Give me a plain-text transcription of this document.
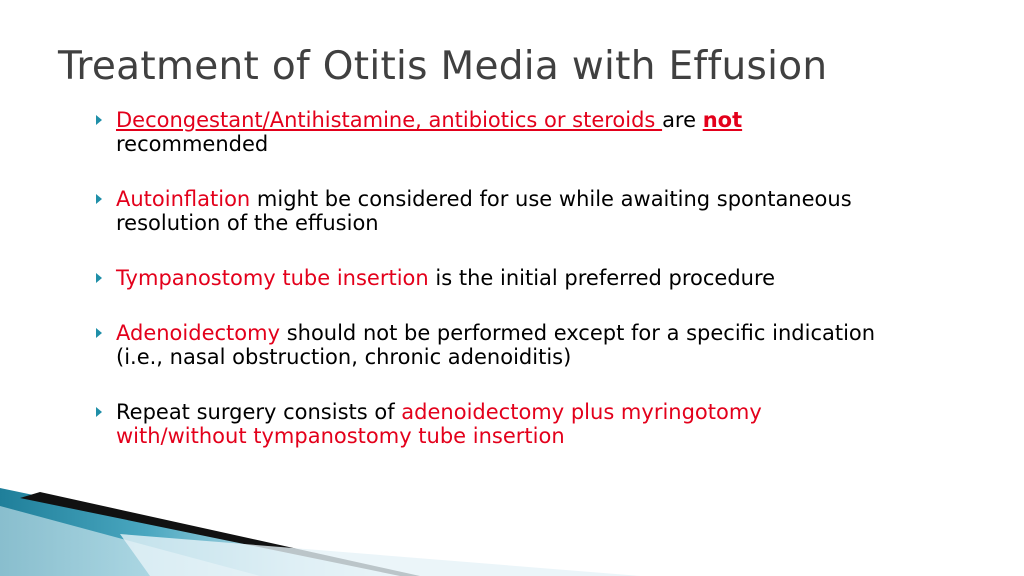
Treatment of Otitis Media with Effusion
Decongestant/Antihistamine, antibiotics or steroids are not
recommended
Autoinflation might be considered for use while awaiting spontaneous resolution of the effusion
Tympanostomy tube insertion is the initial preferred procedure
Adenoidectomy should not be performed except for a specific indication (i.e., nasal obstruction, chronic adenoiditis)
Repeat surgery consists of adenoidectomy plus myringotomy with/without tympanostomy tube insertion
